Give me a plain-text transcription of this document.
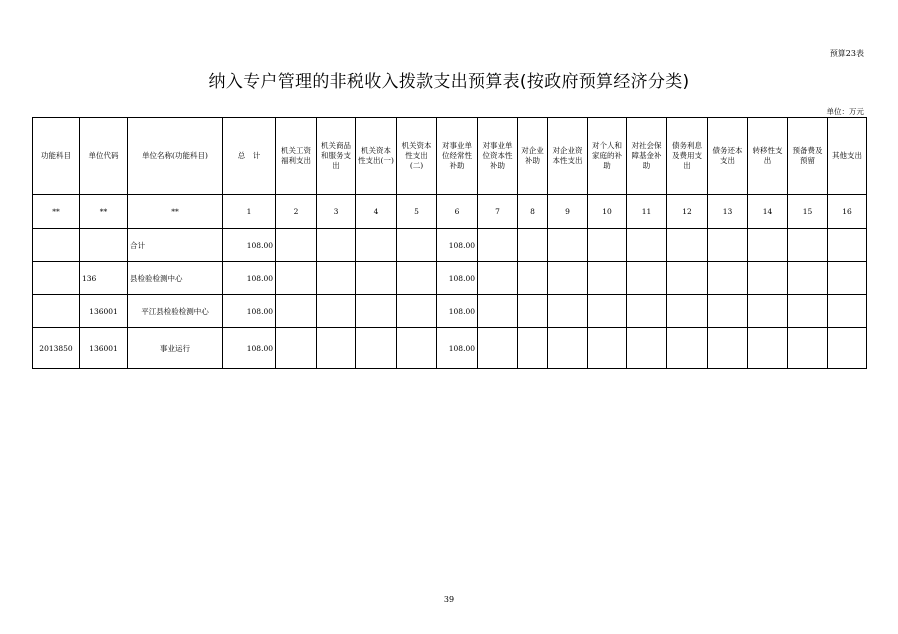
预算23表
纳入专户管理的非税收入拨款支出预算表(按政府预算经济分类)
单位：万元
功能科目	单位代码	单位名称(功能科目)	总　计	机关工资福利支出	机关商品和服务支出	机关资本性支出(一)	机关资本性支出(二)	对事业单位经常性补助	对事业单位资本性补助	对企业补助	对企业资本性支出	对个人和家庭的补助	对社会保障基金补助	债务利息及费用支出	债务还本支出	转移性支出	预备费及预留	其他支出
**	**	**	1	2	3	4	5	6	7	8	9	10	11	12	13	14	15	16
		合计	108.00					108.00										
	136	县检验检测中心	108.00					108.00										
	136001	平江县检验检测中心	108.00					108.00										
2013850	136001	事业运行	108.00					108.00										
39
